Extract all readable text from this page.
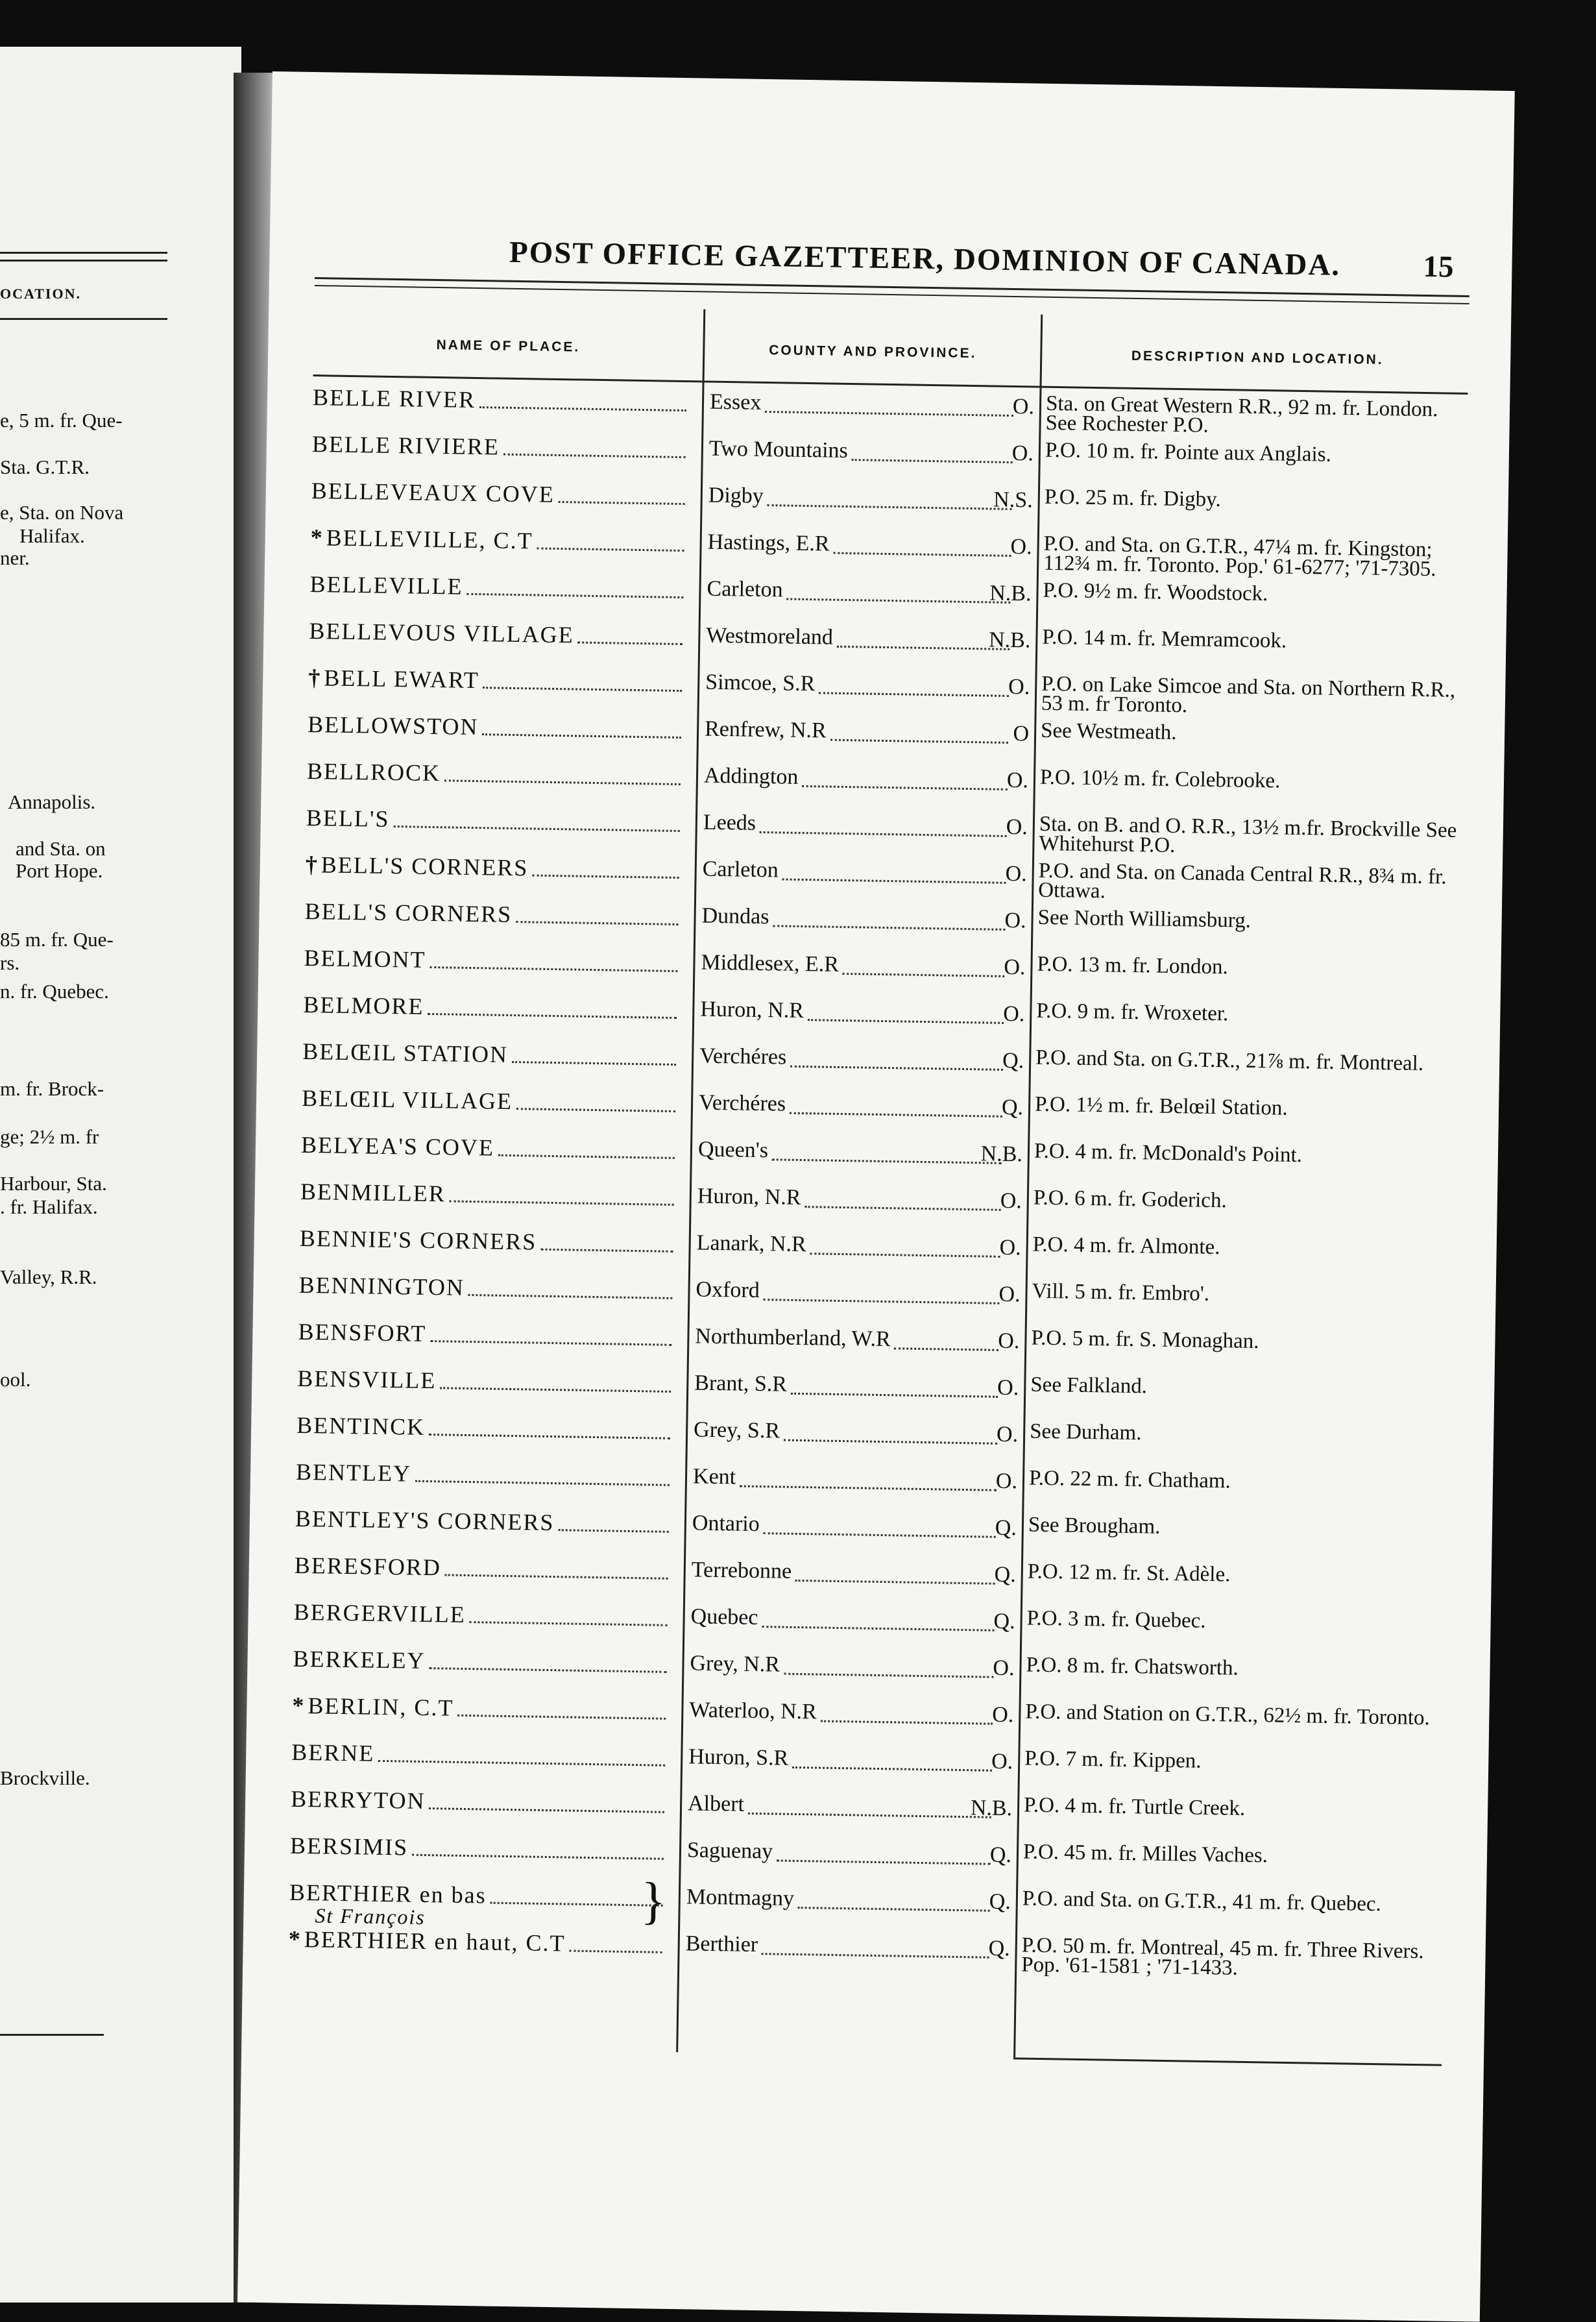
OCATION.
e, 5 m. fr. Que-
Sta. G.T.R.
e, Sta. on Nova
Halifax.
ner.
Annapolis.
and Sta. on
Port Hope.
85 m. fr. Que-
rs.
n. fr. Quebec.
m. fr. Brock-
ge; 2½ m. fr
Harbour, Sta.
. fr. Halifax.
Valley, R.R.
ool.
Brockville.
POST OFFICE GAZETTEER, DOMINION OF CANADA.	15
NAME OF PLACE.	COUNTY AND PROVINCE.	DESCRIPTION AND LOCATION.
BELLE RIVER	Essex	O. Sta. on Great Western R.R., 92 m. fr. London. See Rochester P.O.
BELLE RIVIERE	Two Mountains	O. P.O. 10 m. fr. Pointe aux Anglais.
BELLEVEAUX COVE	Digby	N.S. P.O. 25 m. fr. Digby.
*BELLEVILLE, C.T	Hastings, E.R	O. P.O. and Sta. on G.T.R., 47¼ m. fr. Kingston; 112¾ m. fr. Toronto. Pop.' 61-6277; '71-7305.
BELLEVILLE	Carleton	N.B. P.O. 9½ m. fr. Woodstock.
BELLEVOUS VILLAGE	Westmoreland	N.B. P.O. 14 m. fr. Memramcook.
†BELL EWART	Simcoe, S.R	O. P.O. on Lake Simcoe and Sta. on Northern R.R., 53 m. fr Toronto.
BELLOWSTON	Renfrew, N.R	O See Westmeath.
BELLROCK	Addington	O. P.O. 10½ m. fr. Colebrooke.
BELL'S	Leeds	O. Sta. on B. and O. R.R., 13½ m.fr. Brockville See Whitehurst P.O.
†BELL'S CORNERS	Carleton	O. P.O. and Sta. on Canada Central R.R., 8¾ m. fr. Ottawa.
BELL'S CORNERS	Dundas	O. See North Williamsburg.
BELMONT	Middlesex, E.R	O. P.O. 13 m. fr. London.
BELMORE	Huron, N.R	O. P.O. 9 m. fr. Wroxeter.
BELŒIL STATION	Verchéres	Q. P.O. and Sta. on G.T.R., 21⅞ m. fr. Montreal.
BELŒIL VILLAGE	Verchéres	Q. P.O. 1½ m. fr. Belœil Station.
BELYEA'S COVE	Queen's	N.B. P.O. 4 m. fr. McDonald's Point.
BENMILLER	Huron, N.R	O. P.O. 6 m. fr. Goderich.
BENNIE'S CORNERS	Lanark, N.R	O. P.O. 4 m. fr. Almonte.
BENNINGTON	Oxford	O. Vill. 5 m. fr. Embro'.
BENSFORT	Northumberland, W.R	O. P.O. 5 m. fr. S. Monaghan.
BENSVILLE	Brant, S.R	O. See Falkland.
BENTINCK	Grey, S.R	O. See Durham.
BENTLEY	Kent	O. P.O. 22 m. fr. Chatham.
BENTLEY'S CORNERS	Ontario	Q. See Brougham.
BERESFORD	Terrebonne	Q. P.O. 12 m. fr. St. Adèle.
BERGERVILLE	Quebec	Q. P.O. 3 m. fr. Quebec.
BERKELEY	Grey, N.R	O. P.O. 8 m. fr. Chatsworth.
*BERLIN, C.T	Waterloo, N.R	O. P.O. and Station on G.T.R., 62½ m. fr. Toronto.
BERNE	Huron, S.R	O. P.O. 7 m. fr. Kippen.
BERRYTON	Albert	N.B. P.O. 4 m. fr. Turtle Creek.
BERSIMIS	Saguenay	Q. P.O. 45 m. fr. Milles Vaches.
BERTHIER en bas
St François	} Montmagny	Q. P.O. and Sta. on G.T.R., 41 m. fr. Quebec.
*BERTHIER en haut, C.T	Berthier	Q. P.O. 50 m. fr. Montreal, 45 m. fr. Three Rivers. Pop. '61-1581 ; '71-1433.
